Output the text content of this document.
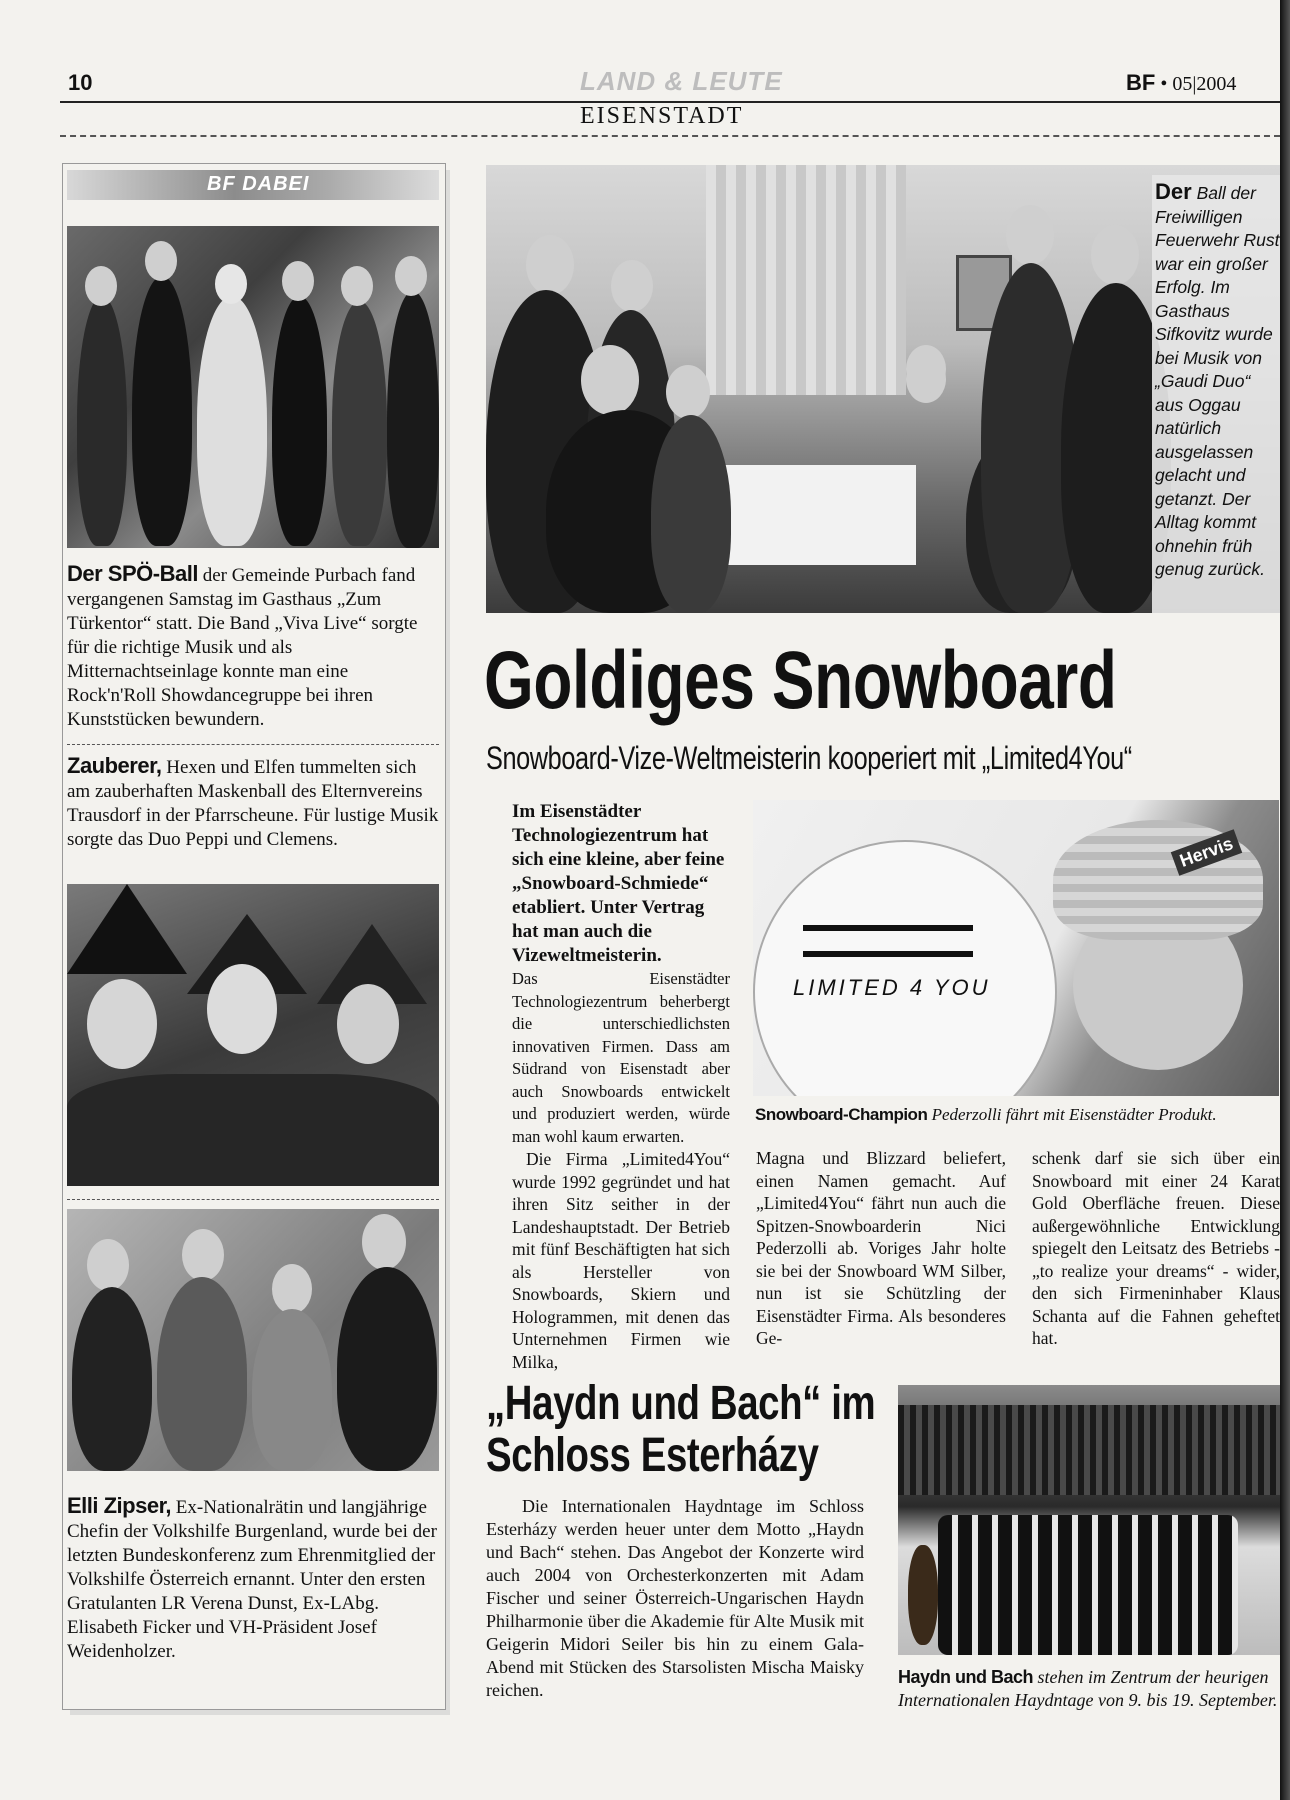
10	LAND & LEUTE	BF • 05|2004
EISENSTADT
BF DABEI
Der SPÖ-Ball der Gemeinde Purbach fand vergangenen Samstag im Gasthaus „Zum Türkentor“ statt. Die Band „Viva Live“ sorgte für die richtige Musik und als Mitternachtseinlage konnte man eine Rock'n'Roll Showdancegruppe bei ihren Kunststücken bewundern.
Zauberer, Hexen und Elfen tummelten sich am zauberhaften Maskenball des Elternvereins Trausdorf in der Pfarrscheune. Für lustige Musik sorgte das Duo Peppi und Clemens.
Elli Zipser, Ex-Nationalrätin und langjährige Chefin der Volkshilfe Burgenland, wurde bei der letzten Bundeskonferenz zum Ehrenmitglied der Volkshilfe Österreich ernannt. Unter den ersten Gratulanten LR Verena Dunst, Ex-LAbg. Elisabeth Ficker und VH-Präsident Josef Weidenholzer.
Der Ball der Freiwilligen Feuerwehr Rust war ein großer Erfolg. Im Gasthaus Sifkovitz wurde bei Musik von „Gaudi Duo“ aus Oggau natürlich ausgelassen gelacht und getanzt. Der Alltag kommt ohnehin früh genug zurück.
Goldiges Snowboard
Snowboard-Vize-Weltmeisterin kooperiert mit „Limited4You“
Im Eisenstädter Technologiezentrum hat sich eine kleine, aber feine „Snowboard-Schmiede“ etabliert. Unter Vertrag hat man auch die Vizeweltmeisterin.
LIMITED 4 YOU
Hervis
Snowboard-Champion Pederzolli fährt mit Eisenstädter Produkt.

Das Eisenstädter Technologiezentrum beherbergt die unterschiedlichsten innovativen Firmen. Dass am Südrand von Eisenstadt aber auch Snowboards entwickelt und produziert werden, würde man wohl kaum erwarten.

Die Firma „Limited4You“ wurde 1992 gegründet und hat ihren Sitz seither in der Landeshauptstadt. Der Betrieb mit fünf Beschäftigten hat sich als Hersteller von Snowboards, Skiern und Hologrammen, mit denen das Unternehmen Firmen wie Milka,

Magna und Blizzard beliefert, einen Namen gemacht. Auf „Limited4You“ fährt nun auch die Spitzen-Snowboarderin Nici Pederzolli ab. Voriges Jahr holte sie bei der Snowboard WM Silber, nun ist sie Schützling der Eisenstädter Firma. Als besonderes Ge-
schenk darf sie sich über ein Snowboard mit einer 24 Karat Gold Oberfläche freuen. Diese außergewöhnliche Entwicklung spiegelt den Leitsatz des Betriebs - „to realize your dreams“ - wider, den sich Firmeninhaber Klaus Schanta auf die Fahnen geheftet hat.
„Haydn und Bach“ im
Schloss Esterházy
Die Internationalen Haydntage im Schloss Esterházy werden heuer unter dem Motto „Haydn und Bach“ stehen. Das Angebot der Konzerte wird auch 2004 von Orchesterkonzerten mit Adam Fischer und seiner Österreich-Ungarischen Haydn Philharmonie über die Akademie für Alte Musik mit Geigerin Midori Seiler bis hin zu einem Gala-Abend mit Stücken des Starsolisten Mischa Maisky reichen.
Haydn und Bach stehen im Zentrum der heurigen Internationalen Haydntage von 9. bis 19. September.
